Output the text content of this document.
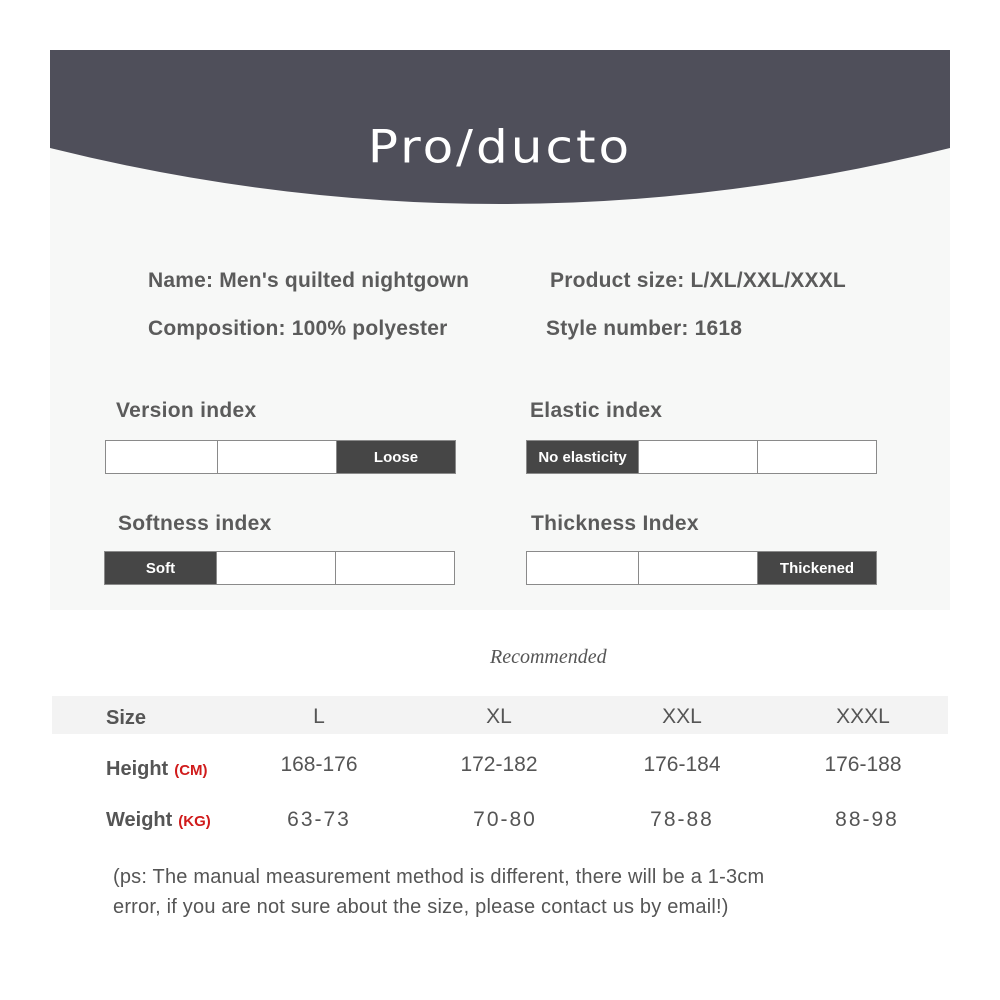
Pro/ducto
Name: Men's quilted nightgown	Product size: L/XL/XXL/XXXL
Composition: 100% polyester	Style number: 1618
Version index
Loose
Elastic index
No elasticity
Softness index
Soft
Thickness Index
Thickened
Recommended
Size	L	XL	XXL	XXXL
Height (CM)	168-176	172-182	176-184	176-188
Weight (KG)	63-73	70-80	78-88	88-98
(ps: The manual measurement method is different, there will be a 1-3cm
error, if you are not sure about the size, please contact us by email!)
